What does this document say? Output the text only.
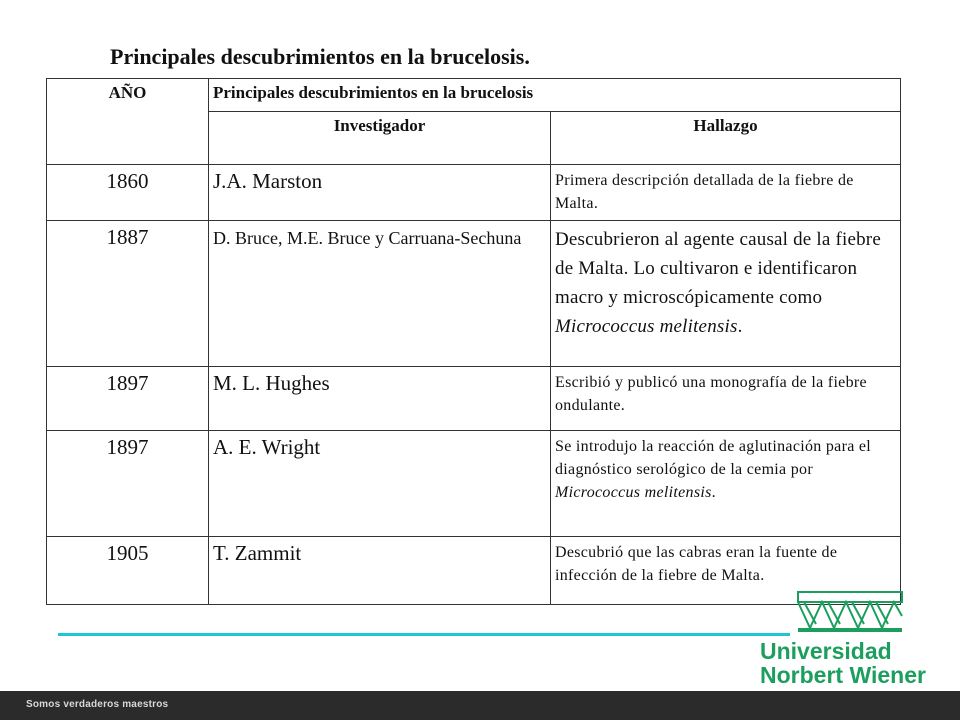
Principales descubrimientos en la brucelosis.
AÑO	Principales descubrimientos en la brucelosis	
	Investigador	Hallazgo
1860	J.A. Marston	Primera descripción detallada de la fiebre de Malta.
1887	D. Bruce, M.E. Bruce y Carruana-Sechuna	Descubrieron al agente causal de la fiebre de Malta. Lo cultivaron e identificaron macro y microscópicamente como Micrococcus melitensis.
1897	M. L. Hughes	Escribió y publicó una monografía de la fiebre ondulante.
1897	A. E. Wright	Se introdujo la reacción de aglutinación para el diagnóstico serológico de la cemia por Micrococcus melitensis.
1905	T. Zammit	Descubrió que las cabras eran la fuente de infección de la fiebre de Malta.
Universidad
Norbert Wiener
Somos verdaderos maestros
